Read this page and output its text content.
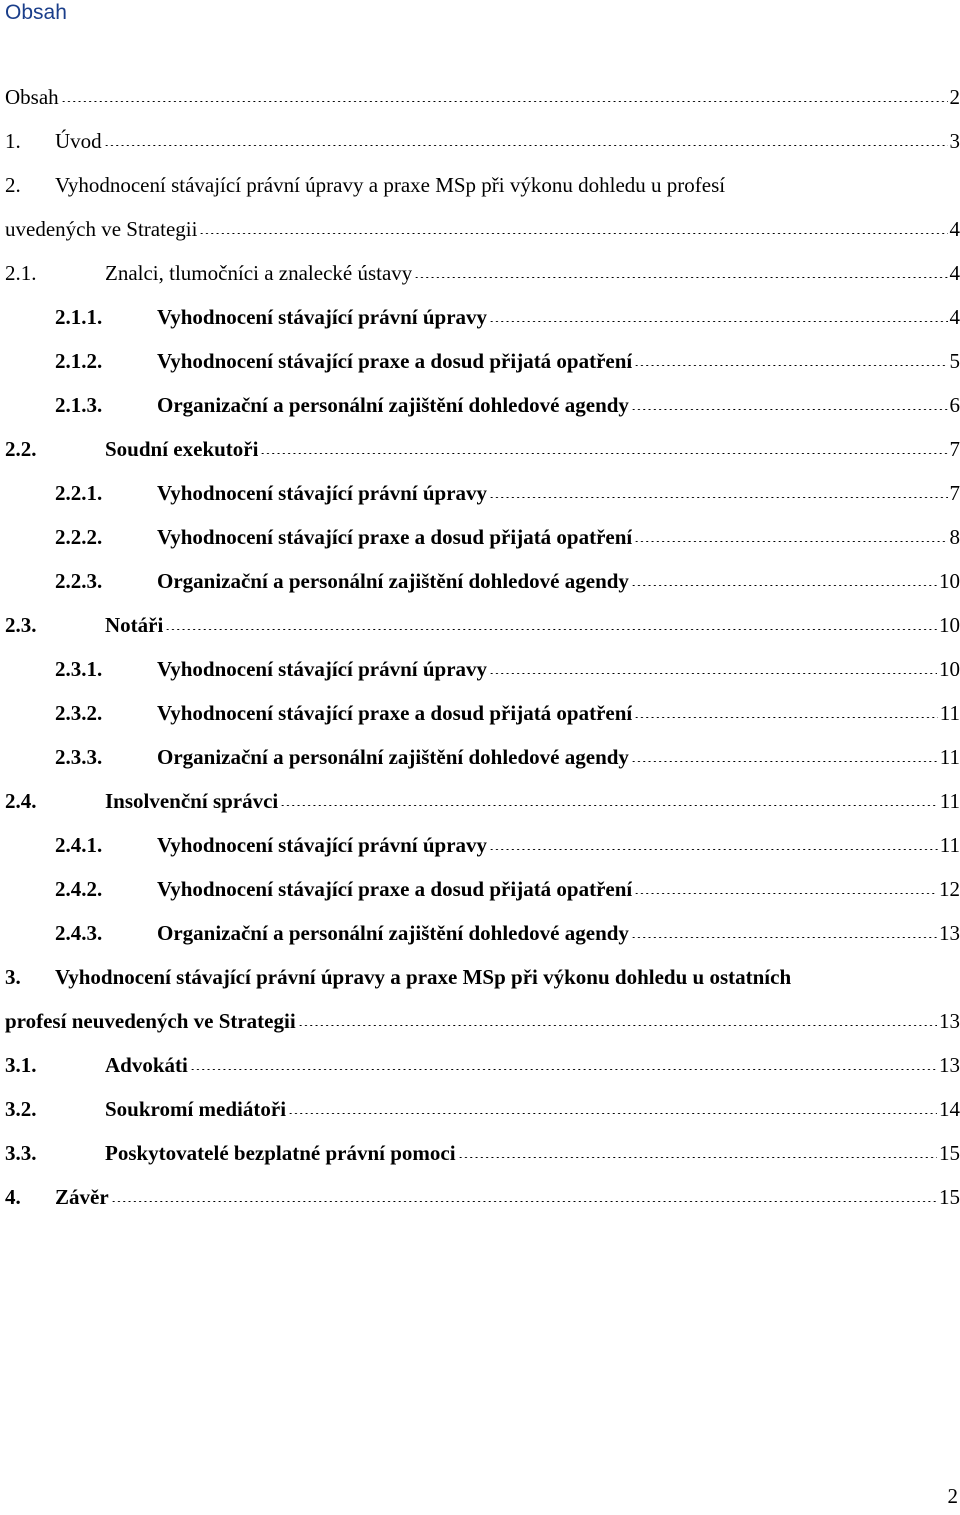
Obsah
Obsah	2
1.	Úvod	3
2.	Vyhodnocení stávající právní úpravy a praxe MSp při výkonu dohledu u profesí
uvedených ve Strategii	4
2.1.	Znalci, tlumočníci a znalecké ústavy	4
2.1.1.	Vyhodnocení stávající právní úpravy	4
2.1.2.	Vyhodnocení stávající praxe a dosud přijatá opatření	5
2.1.3.	Organizační a personální zajištění dohledové agendy	6
2.2.	Soudní exekutoři	7
2.2.1.	Vyhodnocení stávající právní úpravy	7
2.2.2.	Vyhodnocení stávající praxe a dosud přijatá opatření	8
2.2.3.	Organizační a personální zajištění dohledové agendy	10
2.3.	Notáři	10
2.3.1.	Vyhodnocení stávající právní úpravy	10
2.3.2.	Vyhodnocení stávající praxe a dosud přijatá opatření	11
2.3.3.	Organizační a personální zajištění dohledové agendy	11
2.4.	Insolvenční správci	11
2.4.1.	Vyhodnocení stávající právní úpravy	11
2.4.2.	Vyhodnocení stávající praxe a dosud přijatá opatření	12
2.4.3.	Organizační a personální zajištění dohledové agendy	13
3.	Vyhodnocení stávající právní úpravy a praxe MSp při výkonu dohledu u ostatních
profesí neuvedených ve Strategii	13
3.1.	Advokáti	13
3.2.	Soukromí mediátoři	14
3.3.	Poskytovatelé bezplatné právní pomoci	15
4.	Závěr	15
2
